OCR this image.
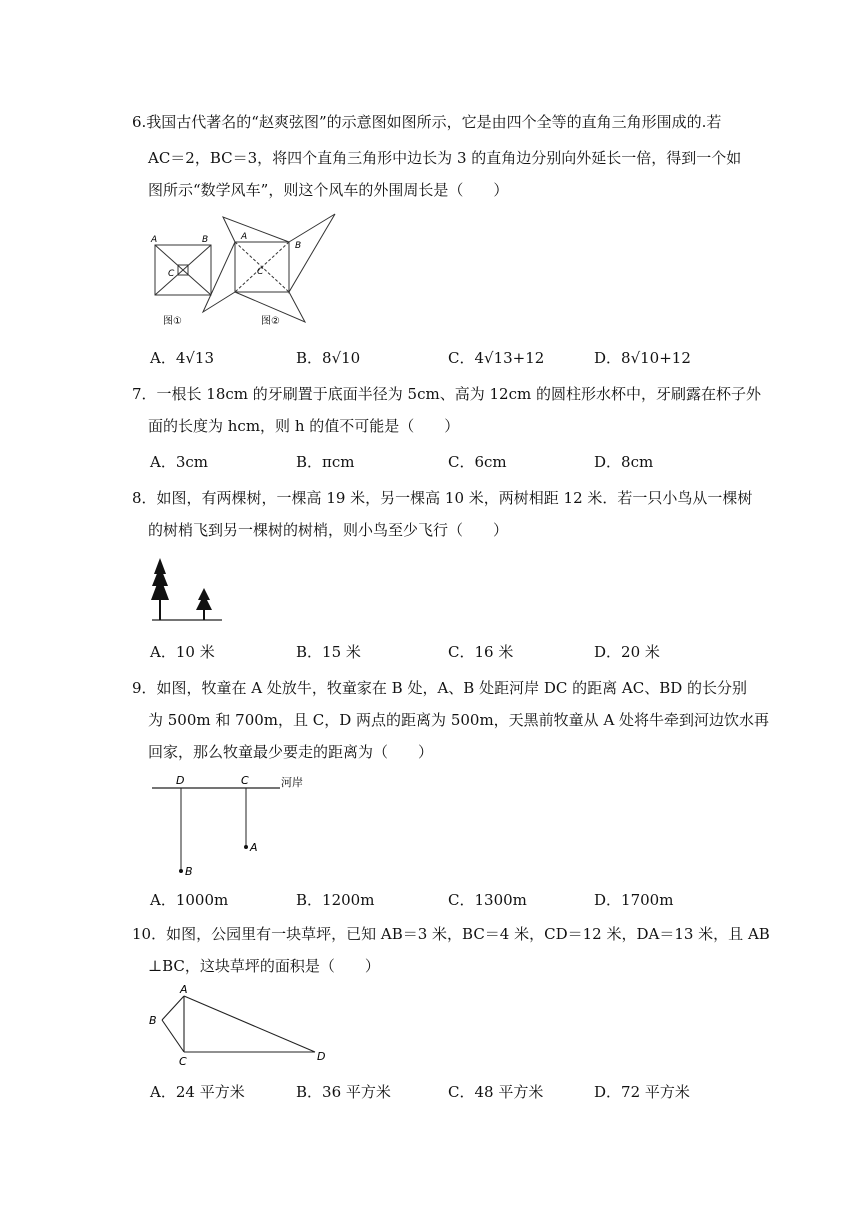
6.我国古代著名的“赵爽弦图”的示意图如图所示，它是由四个全等的直角三角形围成的.若
AC＝2，BC＝3，将四个直角三角形中边长为 3 的直角边分别向外延长一倍，得到一个如
图所示“数学风车”，则这个风车的外围周长是（　　）
A	B
C
图①
A
B
C
图②
A．4√13	B．8√10	C．4√13+12	D．8√10+12
7．一根长 18cm 的牙刷置于底面半径为 5cm、高为 12cm 的圆柱形水杯中，牙刷露在杯子外
面的长度为 hcm，则 h 的值不可能是（　　）
A．3cm	B．πcm	C．6cm	D．8cm
8．如图，有两棵树，一棵高 19 米，另一棵高 10 米，两树相距 12 米．若一只小鸟从一棵树
的树梢飞到另一棵树的树梢，则小鸟至少飞行（　　）
A．10 米	B．15 米	C．16 米	D．20 米
9．如图，牧童在 A 处放牛，牧童家在 B 处，A、B 处距河岸 DC 的距离 AC、BD 的长分别
为 500m 和 700m，且 C，D 两点的距离为 500m，天黑前牧童从 A 处将牛牵到河边饮水再
回家，那么牧童最少要走的距离为（　　）
D	C	河岸
A
B
A．1000m	B．1200m	C．1300m	D．1700m
10．如图，公园里有一块草坪，已知 AB＝3 米，BC＝4 米，CD＝12 米，DA＝13 米，且 AB
⊥BC，这块草坪的面积是（　　）
A
B
C	D
A．24 平方米	B．36 平方米	C．48 平方米	D．72 平方米
